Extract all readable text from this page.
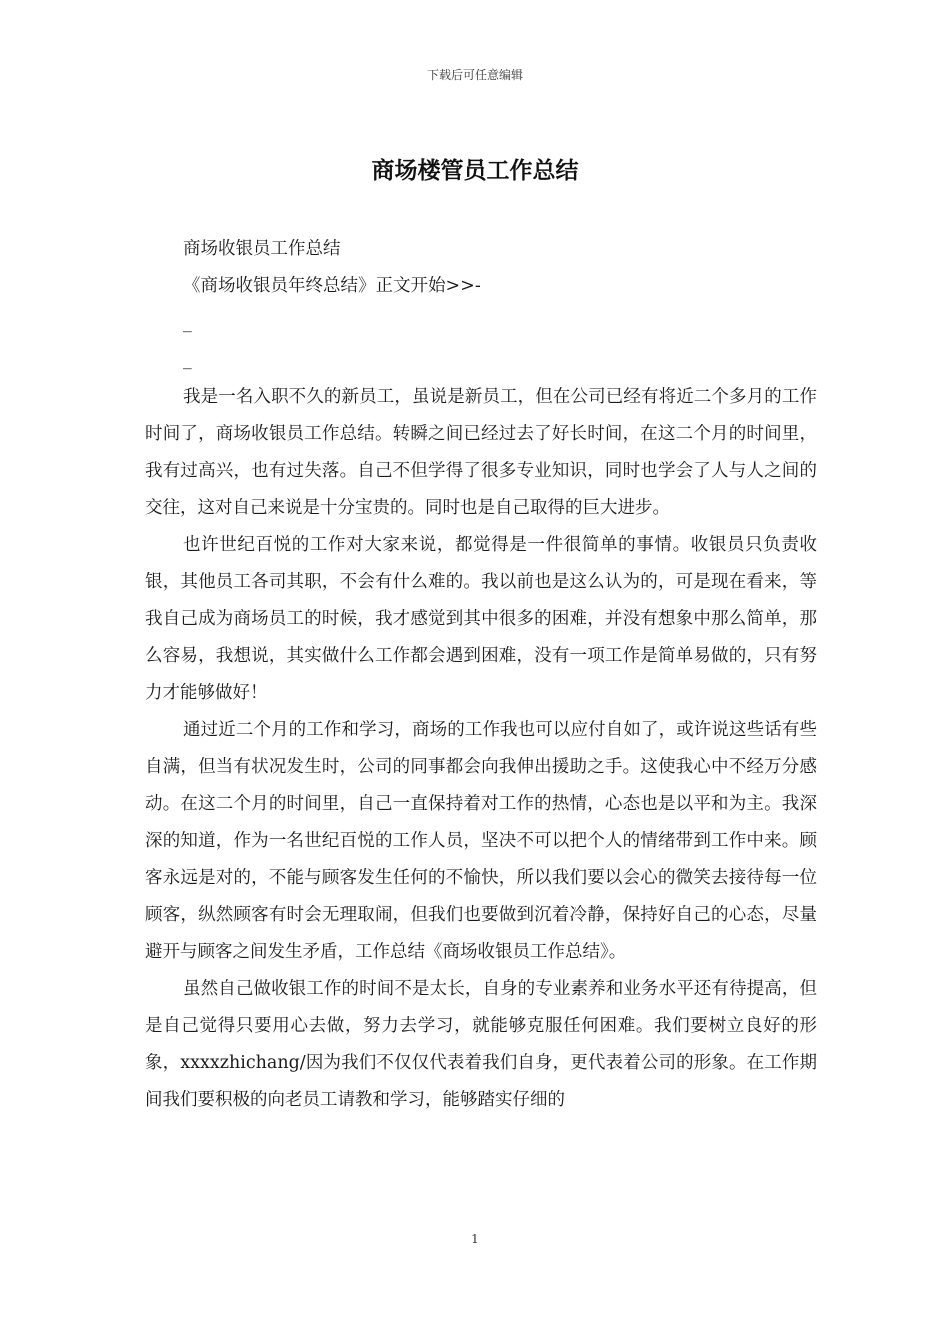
下载后可任意编辑
商场楼管员工作总结

商场收银员工作总结

《商场收银员年终总结》正文开始>>-

_

_

我是一名入职不久的新员工，虽说是新员工，但在公司已经有将近二个多月的工作时间了，商场收银员工作总结。转瞬之间已经过去了好长时间，在这二个月的时间里，我有过高兴，也有过失落。自己不但学得了很多专业知识，同时也学会了人与人之间的交往，这对自己来说是十分宝贵的。同时也是自己取得的巨大进步。

也许世纪百悦的工作对大家来说，都觉得是一件很简单的事情。收银员只负责收银，其他员工各司其职，不会有什么难的。我以前也是这么认为的，可是现在看来，等我自己成为商场员工的时候，我才感觉到其中很多的困难，并没有想象中那么简单，那么容易，我想说，其实做什么工作都会遇到困难，没有一项工作是简单易做的，只有努力才能够做好！

通过近二个月的工作和学习，商场的工作我也可以应付自如了，或许说这些话有些自满，但当有状况发生时，公司的同事都会向我伸出援助之手。这使我心中不经万分感动。在这二个月的时间里，自己一直保持着对工作的热情，心态也是以平和为主。我深深的知道，作为一名世纪百悦的工作人员，坚决不可以把个人的情绪带到工作中来。顾客永远是对的，不能与顾客发生任何的不愉快，所以我们要以会心的微笑去接待每一位顾客，纵然顾客有时会无理取闹，但我们也要做到沉着冷静，保持好自己的心态，尽量避开与顾客之间发生矛盾，工作总结《商场收银员工作总结》。

虽然自己做收银工作的时间不是太长，自身的专业素养和业务水平还有待提高，但是自己觉得只要用心去做，努力去学习，就能够克服任何困难。我们要树立良好的形象，xxxxzhichang/因为我们不仅仅代表着我们自身，更代表着公司的形象。在工作期间我们要积极的向老员工请教和学习，能够踏实仔细的

1
